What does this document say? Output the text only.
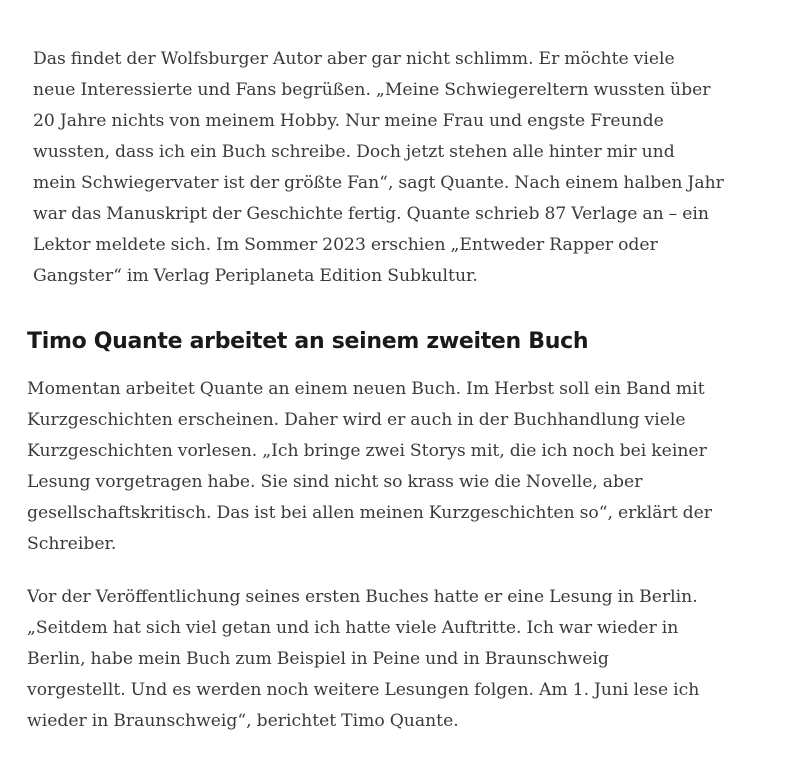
Das findet der Wolfsburger Autor aber gar nicht schlimm. Er möchte viele
neue Interessierte und Fans begrüßen. „Meine Schwiegereltern wussten über
20 Jahre nichts von meinem Hobby. Nur meine Frau und engste Freunde
wussten, dass ich ein Buch schreibe. Doch jetzt stehen alle hinter mir und
mein Schwiegervater ist der größte Fan“, sagt Quante. Nach einem halben Jahr
war das Manuskript der Geschichte fertig. Quante schrieb 87 Verlage an – ein
Lektor meldete sich. Im Sommer 2023 erschien „Entweder Rapper oder
Gangster“ im Verlag Periplaneta Edition Subkultur.

Timo Quante arbeitet an seinem zweiten Buch

Momentan arbeitet Quante an einem neuen Buch. Im Herbst soll ein Band mit
Kurzgeschichten erscheinen. Daher wird er auch in der Buchhandlung viele
Kurzgeschichten vorlesen. „Ich bringe zwei Storys mit, die ich noch bei keiner
Lesung vorgetragen habe. Sie sind nicht so krass wie die Novelle, aber
gesellschaftskritisch. Das ist bei allen meinen Kurzgeschichten so“, erklärt der
Schreiber.

Vor der Veröffentlichung seines ersten Buches hatte er eine Lesung in Berlin.
„Seitdem hat sich viel getan und ich hatte viele Auftritte. Ich war wieder in
Berlin, habe mein Buch zum Beispiel in Peine und in Braunschweig
vorgestellt. Und es werden noch weitere Lesungen folgen. Am 1. Juni lese ich
wieder in Braunschweig“, berichtet Timo Quante.
